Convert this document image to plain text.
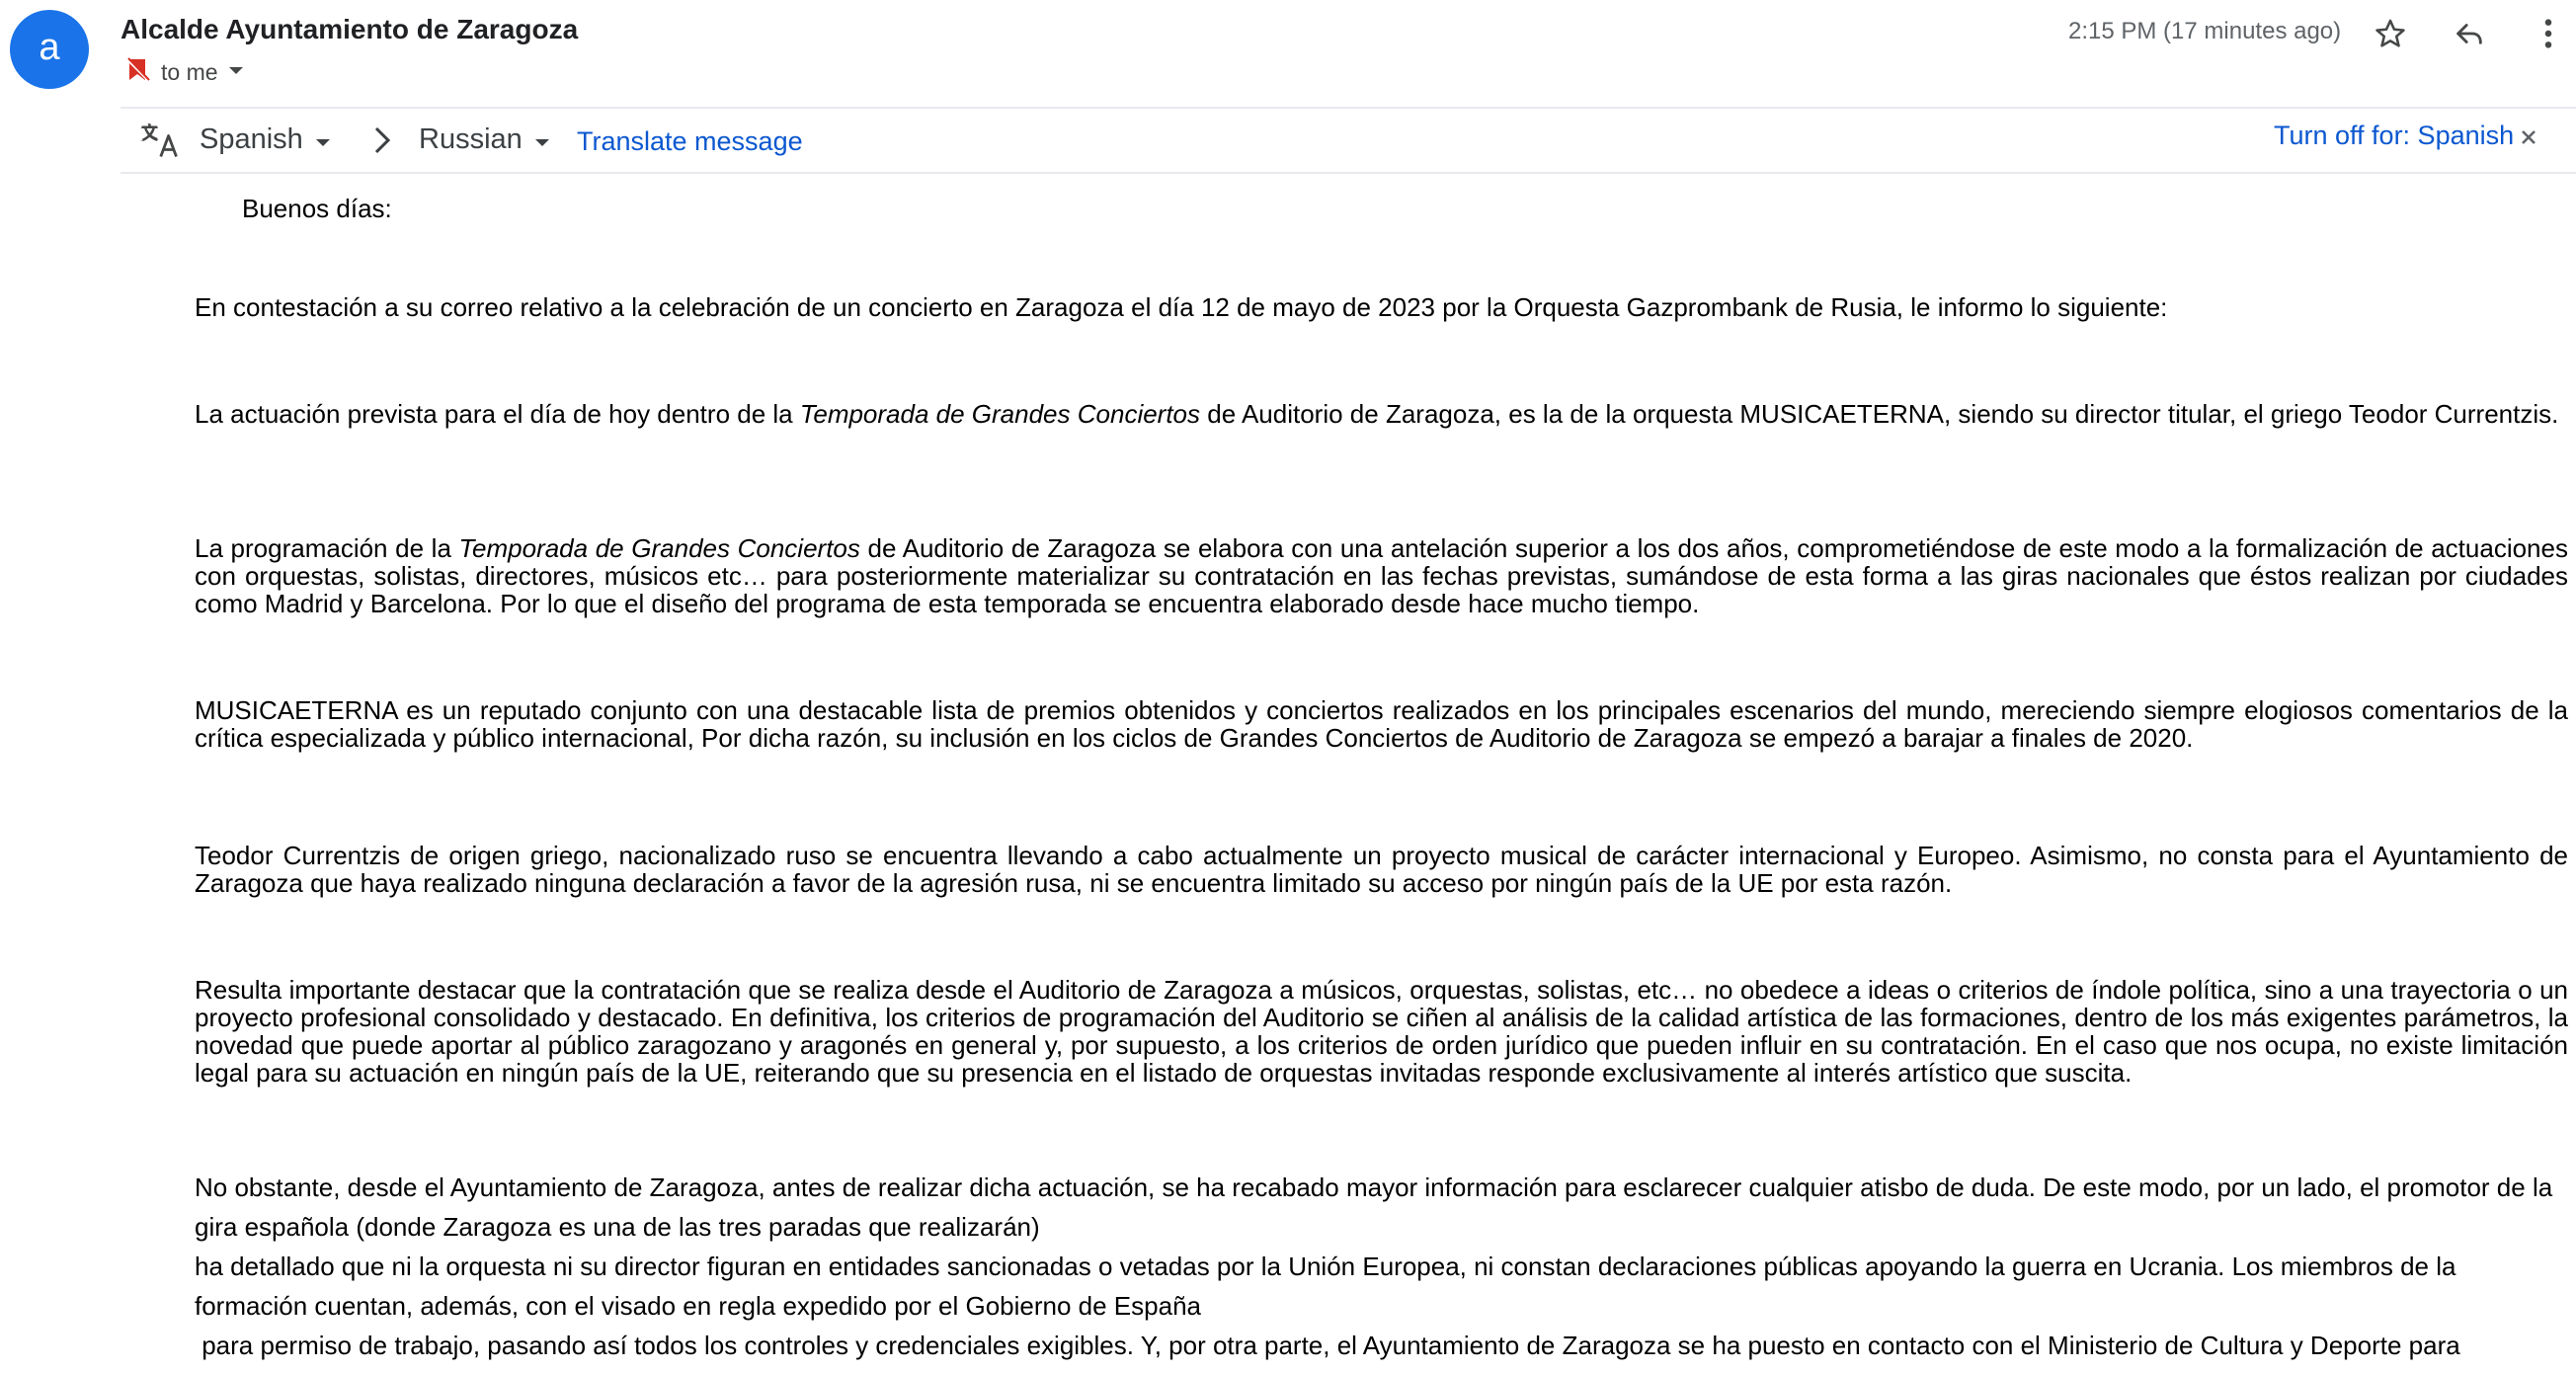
a	Alcalde Ayuntamiento de Zaragoza
to me
2:15 PM (17 minutes ago)
文 Spanish	Russian Translate message	Turn off for: Spanish

Buenos días:

En contestación a su correo relativo a la celebración de un concierto en Zaragoza el día 12 de mayo de 2023 por la Orquesta Gazprombank de Rusia, le informo lo siguiente:

La actuación prevista para el día de hoy dentro de la Temporada de Grandes Conciertos de Auditorio de Zaragoza, es la de la orquesta MUSICAETERNA, siendo su director titular, el griego Teodor Currentzis.

La programación de la Temporada de Grandes Conciertos de Auditorio de Zaragoza se elabora con una antelación superior a los dos años, comprometiéndose de este modo a la formalización de actuaciones con orquestas, solistas, directores, músicos etc… para posteriormente materializar su contratación en las fechas previstas, sumándose de esta forma a las giras nacionales que éstos realizan por ciudades como Madrid y Barcelona. Por lo que el diseño del programa de esta temporada se encuentra elaborado desde hace mucho tiempo.

MUSICAETERNA es un reputado conjunto con una destacable lista de premios obtenidos y conciertos realizados en los principales escenarios del mundo, mereciendo siempre elogiosos comentarios de la crítica especializada y público internacional, Por dicha razón, su inclusión en los ciclos de Grandes Conciertos de Auditorio de Zaragoza se empezó a barajar a finales de 2020.

Teodor Currentzis de origen griego, nacionalizado ruso se encuentra llevando a cabo actualmente un proyecto musical de carácter internacional y Europeo. Asimismo, no consta para el Ayuntamiento de Zaragoza que haya realizado ninguna declaración a favor de la agresión rusa, ni se encuentra limitado su acceso por ningún país de la UE por esta razón.

Resulta importante destacar que la contratación que se realiza desde el Auditorio de Zaragoza a músicos, orquestas, solistas, etc… no obedece a ideas o criterios de índole política, sino a una trayectoria o un proyecto profesional consolidado y destacado. En definitiva, los criterios de programación del Auditorio se ciñen al análisis de la calidad artística de las formaciones, dentro de los más exigentes parámetros, la novedad que puede aportar al público zaragozano y aragonés en general y, por supuesto, a los criterios de orden jurídico que pueden influir en su contratación. En el caso que nos ocupa, no existe limitación legal para su actuación en ningún país de la UE, reiterando que su presencia en el listado de orquestas invitadas responde exclusivamente al interés artístico que suscita.

No obstante, desde el Ayuntamiento de Zaragoza, antes de realizar dicha actuación, se ha recabado mayor información para esclarecer cualquier atisbo de duda. De este modo, por un lado, el promotor de la gira española (donde Zaragoza es una de las tres paradas que realizarán)
ha detallado que ni la orquesta ni su director figuran en entidades sancionadas o vetadas por la Unión Europea, ni constan declaraciones públicas apoyando la guerra en Ucrania. Los miembros de la formación cuentan, además, con el visado en regla expedido por el Gobierno de España
para permiso de trabajo, pasando así todos los controles y credenciales exigibles. Y, por otra parte, el Ayuntamiento de Zaragoza se ha puesto en contacto con el Ministerio de Cultura y Deporte para
